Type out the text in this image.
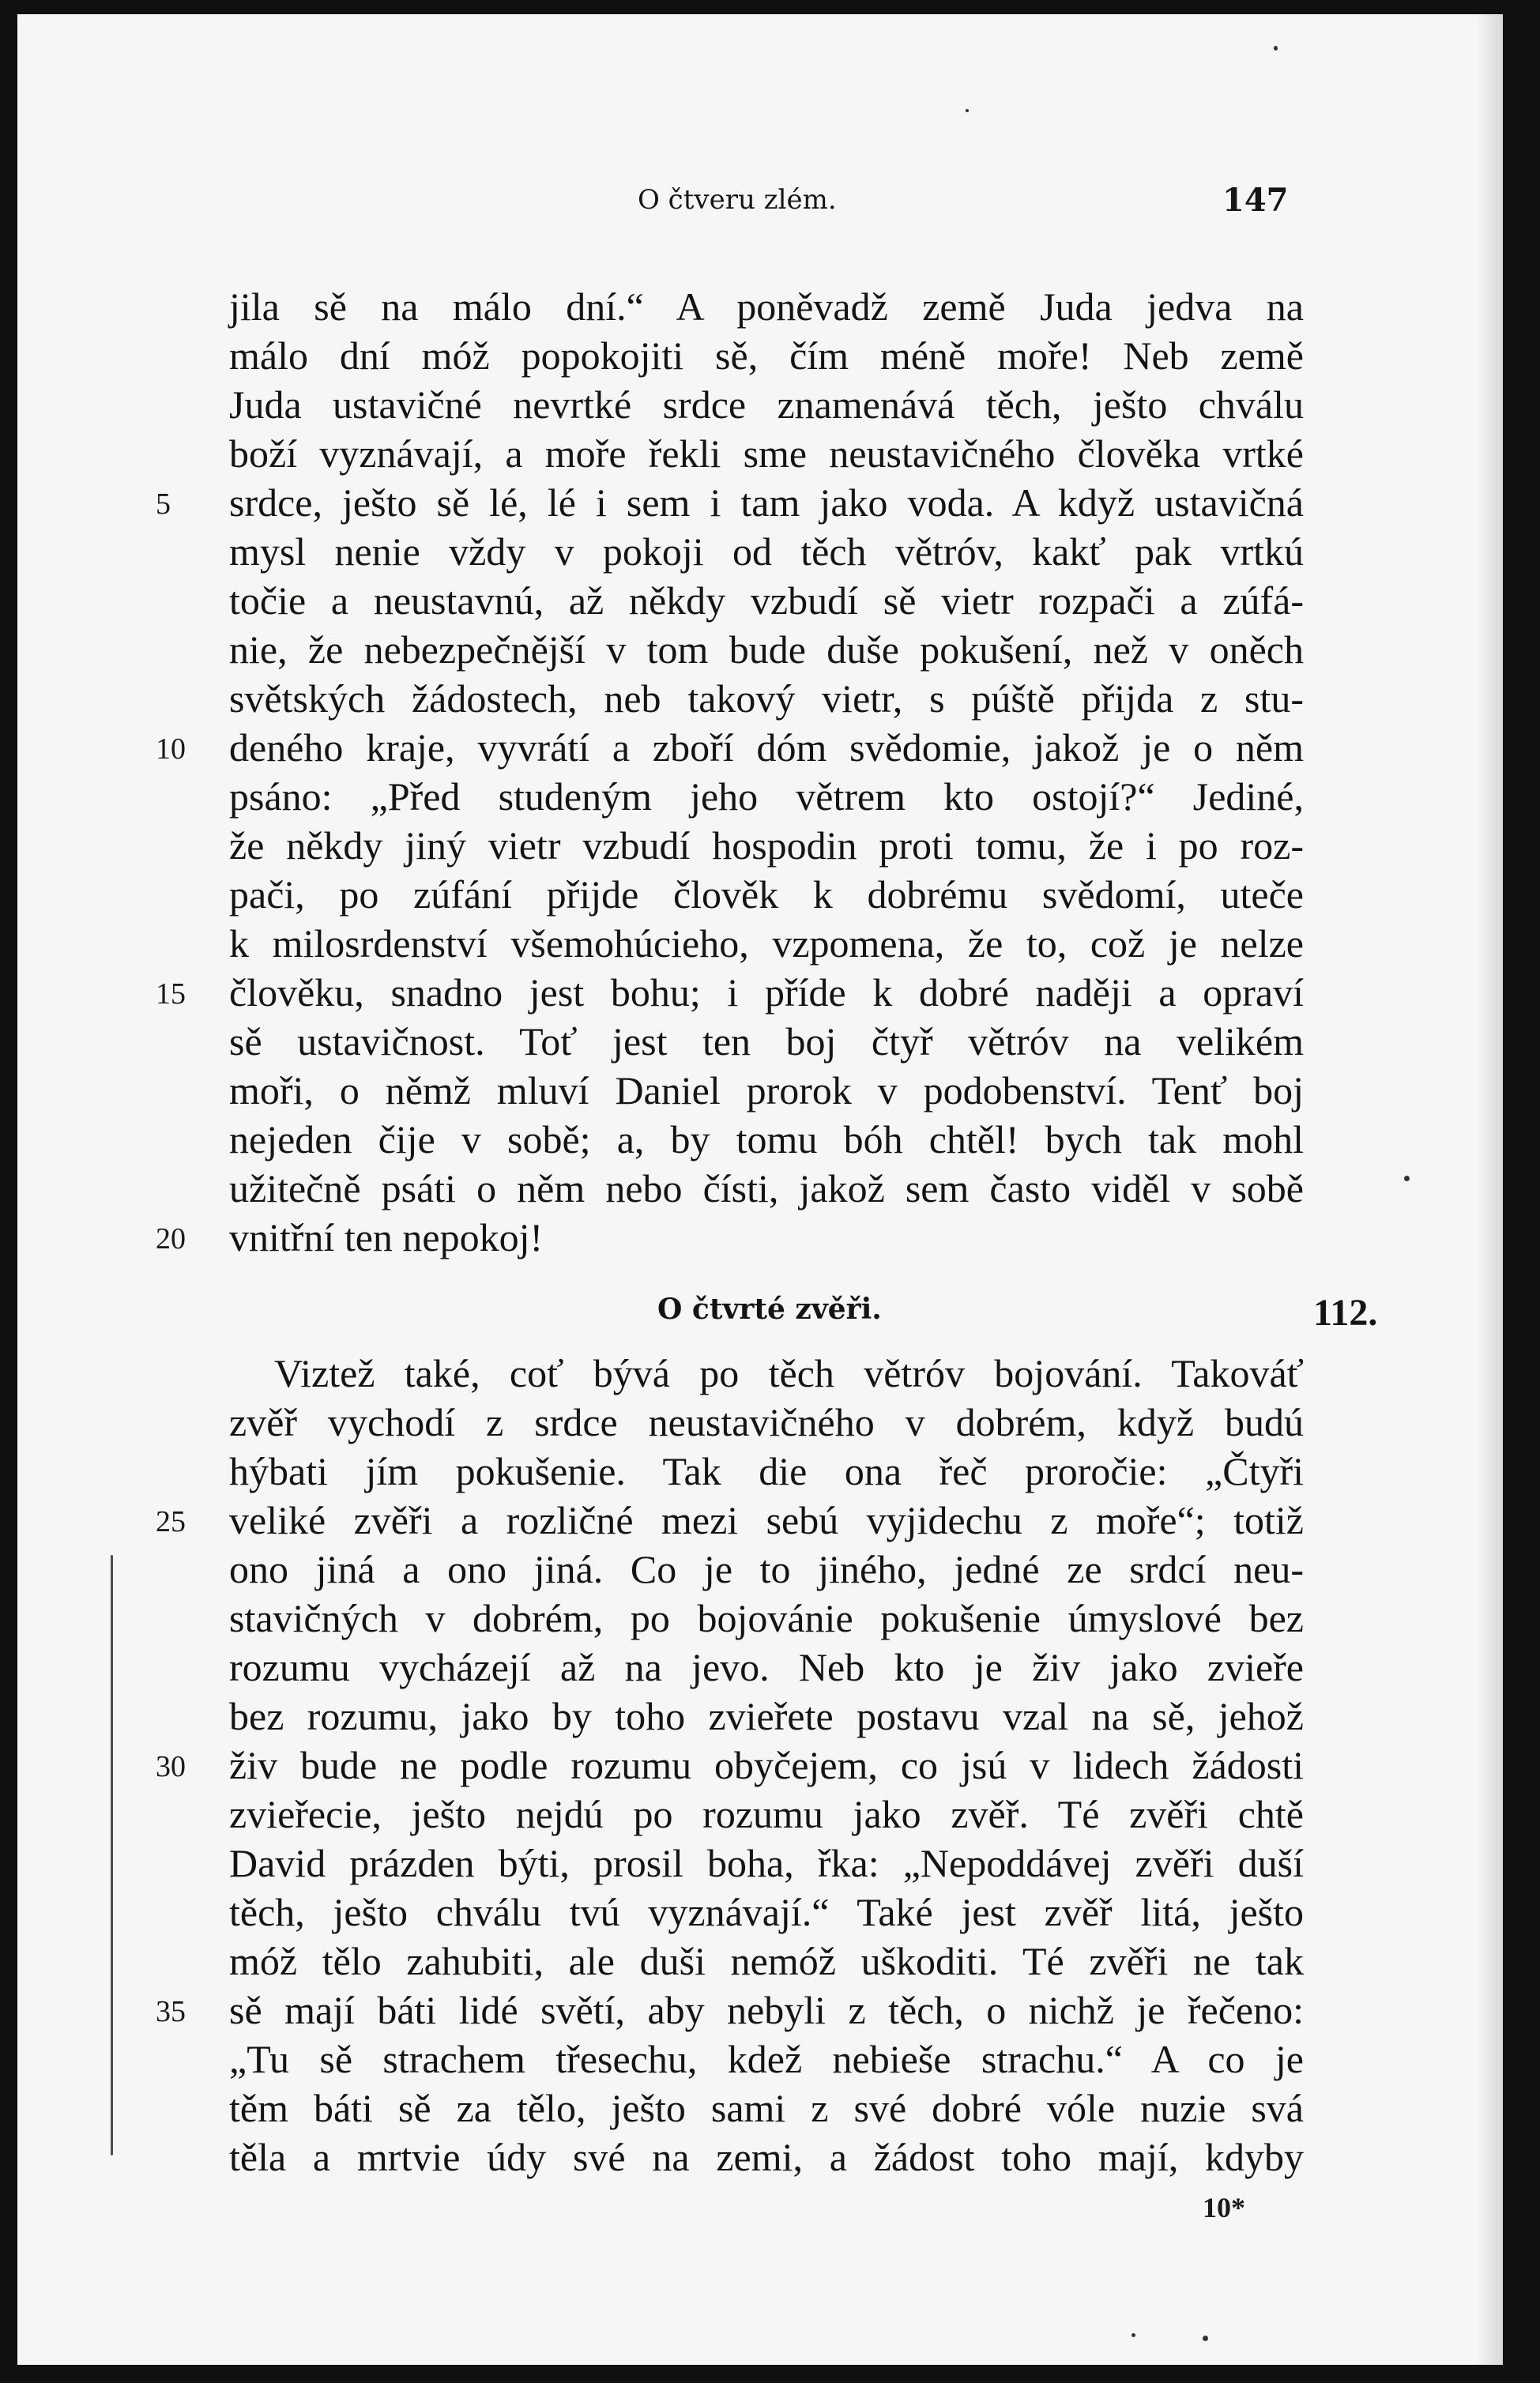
O čtveru zlém.	147
jila sě na málo dní.“ A poněvadž země Juda jedva na
málo dní móž popokojiti sě, čím méně moře! Neb země
Juda ustavičné nevrtké srdce znamenává těch, ješto chválu
boží vyznávají, a moře řekli sme neustavičného člověka vrtké
srdce, ješto sě lé, lé i sem i tam jako voda. A když ustavičná
mysl nenie vždy v pokoji od těch větróv, kakť pak vrtkú
točie a neustavnú, až někdy vzbudí sě vietr rozpači a zúfá-
nie, že nebezpečnější v tom bude duše pokušení, než v oněch
světských žádostech, neb takový vietr, s púště přijda z stu-
deného kraje, vyvrátí a zboří dóm svědomie, jakož je o něm
psáno: „Před studeným jeho větrem kto ostojí?“ Jediné,
že někdy jiný vietr vzbudí hospodin proti tomu, že i po roz-
pači, po zúfání přijde člověk k dobrému svědomí, uteče
k milosrdenství všemohúcieho, vzpomena, že to, což je nelze
člověku, snadno jest bohu; i příde k dobré naději a opraví
sě ustavičnost. Toť jest ten boj čtyř větróv na velikém
moři, o němž mluví Daniel prorok v podobenství. Tenť boj
nejeden čije v sobě; a, by tomu bóh chtěl! bych tak mohl
užitečně psáti o něm nebo čísti, jakož sem často viděl v sobě
vnitřní ten nepokoj!
O čtvrté zvěři.	112.
Viztež také, coť bývá po těch větróv bojování. Takováť
zvěř vychodí z srdce neustavičného v dobrém, když budú
hýbati jím pokušenie. Tak die ona řeč proročie: „Čtyři
veliké zvěři a rozličné mezi sebú vyjidechu z moře“; totiž
ono jiná a ono jiná. Co je to jiného, jedné ze srdcí neu-
stavičných v dobrém, po bojovánie pokušenie úmyslové bez
rozumu vycházejí až na jevo. Neb kto je živ jako zvieře
bez rozumu, jako by toho zvieřete postavu vzal na sě, jehož
živ bude ne podle rozumu obyčejem, co jsú v lidech žádosti
zvieřecie, ješto nejdú po rozumu jako zvěř. Té zvěři chtě
David prázden býti, prosil boha, řka: „Nepoddávej zvěři duší
těch, ješto chválu tvú vyznávají.“ Také jest zvěř litá, ješto
móž tělo zahubiti, ale duši nemóž uškoditi. Té zvěři ne tak
sě mají báti lidé světí, aby nebyli z těch, o nichž je řečeno:
„Tu sě strachem třesechu, kdež nebieše strachu.“ A co je
těm báti sě za tělo, ješto sami z své dobré vóle nuzie svá
těla a mrtvie údy své na zemi, a žádost toho mají, kdyby
5
10
15
20
25
30
35
10*
